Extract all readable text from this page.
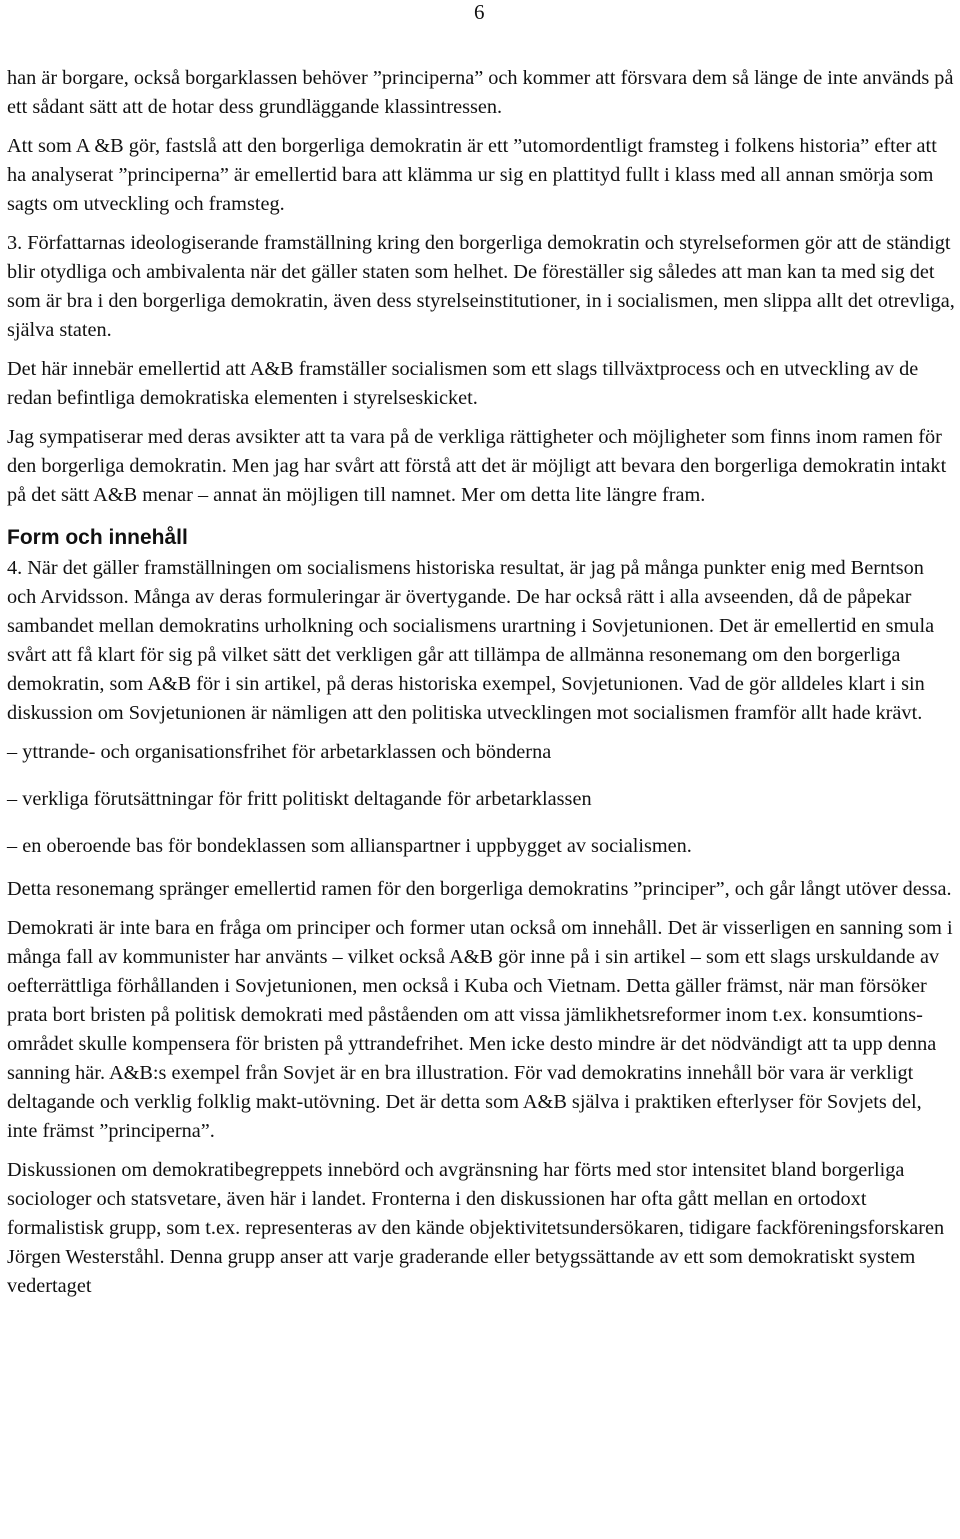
6

han är borgare, också borgarklassen behöver ”principerna” och kommer att försvara dem så länge de inte används på ett sådant sätt att de hotar dess grundläggande klassintressen.

Att som A &B gör, fastslå att den borgerliga demokratin är ett ”utomordentligt framsteg i folkens historia” efter att ha analyserat ”principerna” är emellertid bara att klämma ur sig en plattityd fullt i klass med all annan smörja som sagts om utveckling och framsteg.

3. Författarnas ideologiserande framställning kring den borgerliga demokratin och styrelseformen gör att de ständigt blir otydliga och ambivalenta när det gäller staten som helhet. De föreställer sig således att man kan ta med sig det som är bra i den borgerliga demokratin, även dess styrelseinstitutioner, in i socialismen, men slippa allt det otrevliga, själva staten.

Det här innebär emellertid att A&B framställer socialismen som ett slags tillväxtprocess och en utveckling av de redan befintliga demokratiska elementen i styrelseskicket.

Jag sympatiserar med deras avsikter att ta vara på de verkliga rättigheter och möjligheter som finns inom ramen för den borgerliga demokratin. Men jag har svårt att förstå att det är möjligt att bevara den borgerliga demokratin intakt på det sätt A&B menar – annat än möjligen till namnet. Mer om detta lite längre fram.

Form och innehåll

4. När det gäller framställningen om socialismens historiska resultat, är jag på många punkter enig med Berntson och Arvidsson. Många av deras formuleringar är övertygande. De har också rätt i alla avseenden, då de påpekar sambandet mellan demokratins urholkning och socialismens urartning i Sovjetunionen. Det är emellertid en smula svårt att få klart för sig på vilket sätt det verkligen går att tillämpa de allmänna resonemang om den borgerliga demokratin, som A&B för i sin artikel, på deras historiska exempel, Sovjetunionen. Vad de gör alldeles klart i sin diskussion om Sovjetunionen är nämligen att den politiska utvecklingen mot socialismen framför allt hade krävt.

– yttrande- och organisationsfrihet för arbetarklassen och bönderna

– verkliga förutsättningar för fritt politiskt deltagande för arbetarklassen

– en oberoende bas för bondeklassen som allianspartner i uppbygget av socialismen.

Detta resonemang spränger emellertid ramen för den borgerliga demokratins ”principer”, och går långt utöver dessa.

Demokrati är inte bara en fråga om principer och former utan också om innehåll. Det är visserligen en sanning som i många fall av kommunister har använts – vilket också A&B gör inne på i sin artikel – som ett slags urskuldande av oefterrättliga förhållanden i Sovjetunionen, men också i Kuba och Vietnam. Detta gäller främst, när man försöker prata bort bristen på politisk demokrati med påståenden om att vissa jämlikhetsreformer inom t.ex. konsumtions-området skulle kompensera för bristen på yttrandefrihet. Men icke desto mindre är det nödvändigt att ta upp denna sanning här. A&B:s exempel från Sovjet är en bra illustration. För vad demokratins innehåll bör vara är verkligt deltagande och verklig folklig makt-utövning. Det är detta som A&B själva i praktiken efterlyser för Sovjets del, inte främst ”principerna”.

Diskussionen om demokratibegreppets innebörd och avgränsning har förts med stor intensitet bland borgerliga sociologer och statsvetare, även här i landet. Fronterna i den diskussionen har ofta gått mellan en ortodoxt formalistisk grupp, som t.ex. representeras av den kände objektivitetsundersökaren, tidigare fackföreningsforskaren Jörgen Westerståhl. Denna grupp anser att varje graderande eller betygssättande av ett som demokratiskt system vedertaget
